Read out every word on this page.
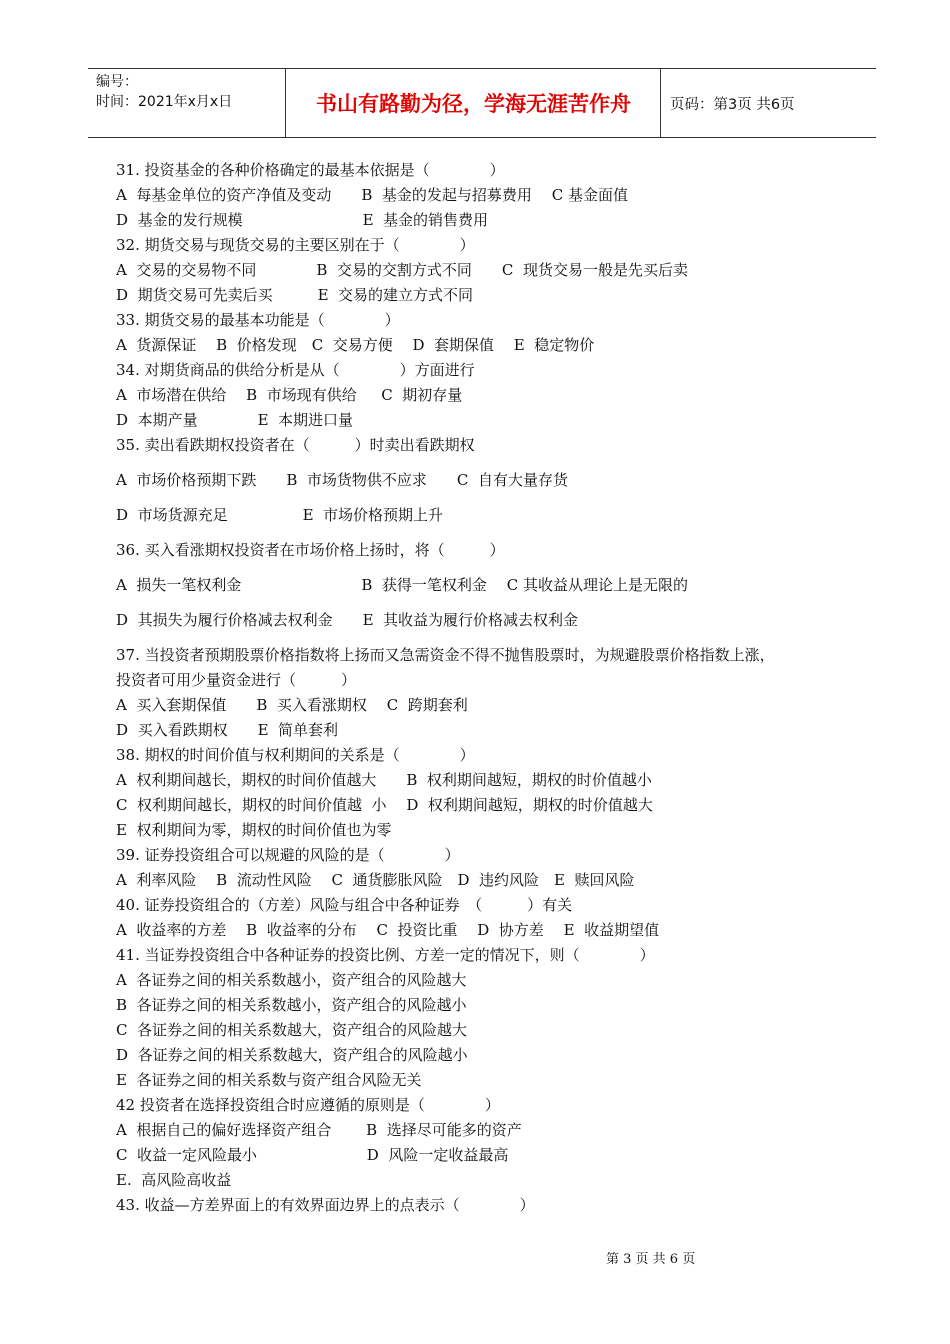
编号：
时间：2021年x月x日	书山有路勤为径，学海无涯苦作舟	页码：第3页 共6页
31. 投资基金的各种价格确定的最基本依据是（　　　　）
A  每基金单位的资产净值及变动　　B  基金的发起与招募费用　 C 基金面值
D  基金的发行规模　　　　　　　　E  基金的销售费用
32. 期货交易与现货交易的主要区别在于（　　　　）
A  交易的交易物不同　　　　B  交易的交割方式不同　　C  现货交易一般是先买后卖
D  期货交易可先卖后买　　　E  交易的建立方式不同
33. 期货交易的最基本功能是（　　　　）
A  货源保证　 B  价格发现　C  交易方便　 D  套期保值　 E  稳定物价
34. 对期货商品的供给分析是从（　　　　）方面进行
A  市场潜在供给　 B  市场现有供给　  C  期初存量
D  本期产量　　　　E  本期进口量
35. 卖出看跌期权投资者在（　　　）时卖出看跌期权
A  市场价格预期下跌　　B  市场货物供不应求　　C  自有大量存货
D  市场货源充足　　　　　E  市场价格预期上升
36. 买入看涨期权投资者在市场价格上扬时，将（　　　）
A  损失一笔权利金　　　　　　　　B  获得一笔权利金　 C 其收益从理论上是无限的
D  其损失为履行价格减去权利金　　E  其收益为履行价格减去权利金
37. 当投资者预期股票价格指数将上扬而又急需资金不得不抛售股票时，为规避股票价格指数上涨，
投资者可用少量资金进行（　　　）
A  买入套期保值　　B  买入看涨期权　 C  跨期套利
D  买入看跌期权　　E  简单套利
38. 期权的时间价值与权利期间的关系是（　　　　）
A  权利期间越长，期权的时间价值越大　　B  权利期间越短，期权的时价值越小
C  权利期间越长，期权的时间价值越  小　 D  权利期间越短，期权的时价值越大
E  权利期间为零，期权的时间价值也为零
39. 证券投资组合可以规避的风险的是（　　　　）
A  利率风险　 B  流动性风险　 C  通货膨胀风险　D  违约风险　E  赎回风险
40. 证券投资组合的（方差）风险与组合中各种证券　（　　　）有关
A  收益率的方差　 B  收益率的分布　 C  投资比重　 D  协方差　 E  收益期望值
41. 当证券投资组合中各种证券的投资比例、方差一定的情况下，则（　　　　）
A  各证券之间的相关系数越小，资产组合的风险越大
B  各证券之间的相关系数越小，资产组合的风险越小
C  各证券之间的相关系数越大，资产组合的风险越大
D  各证券之间的相关系数越大，资产组合的风险越小
E  各证券之间的相关系数与资产组合风险无关
42 投资者在选择投资组合时应遵循的原则是（　　　　）
A  根据自己的偏好选择资产组合　　 B  选择尽可能多的资产
C  收益一定风险最小　　　　　　　 D  风险一定收益最高
E.  高风险高收益
43. 收益—方差界面上的有效界面边界上的点表示（　　　　）
第 3 页 共 6 页
